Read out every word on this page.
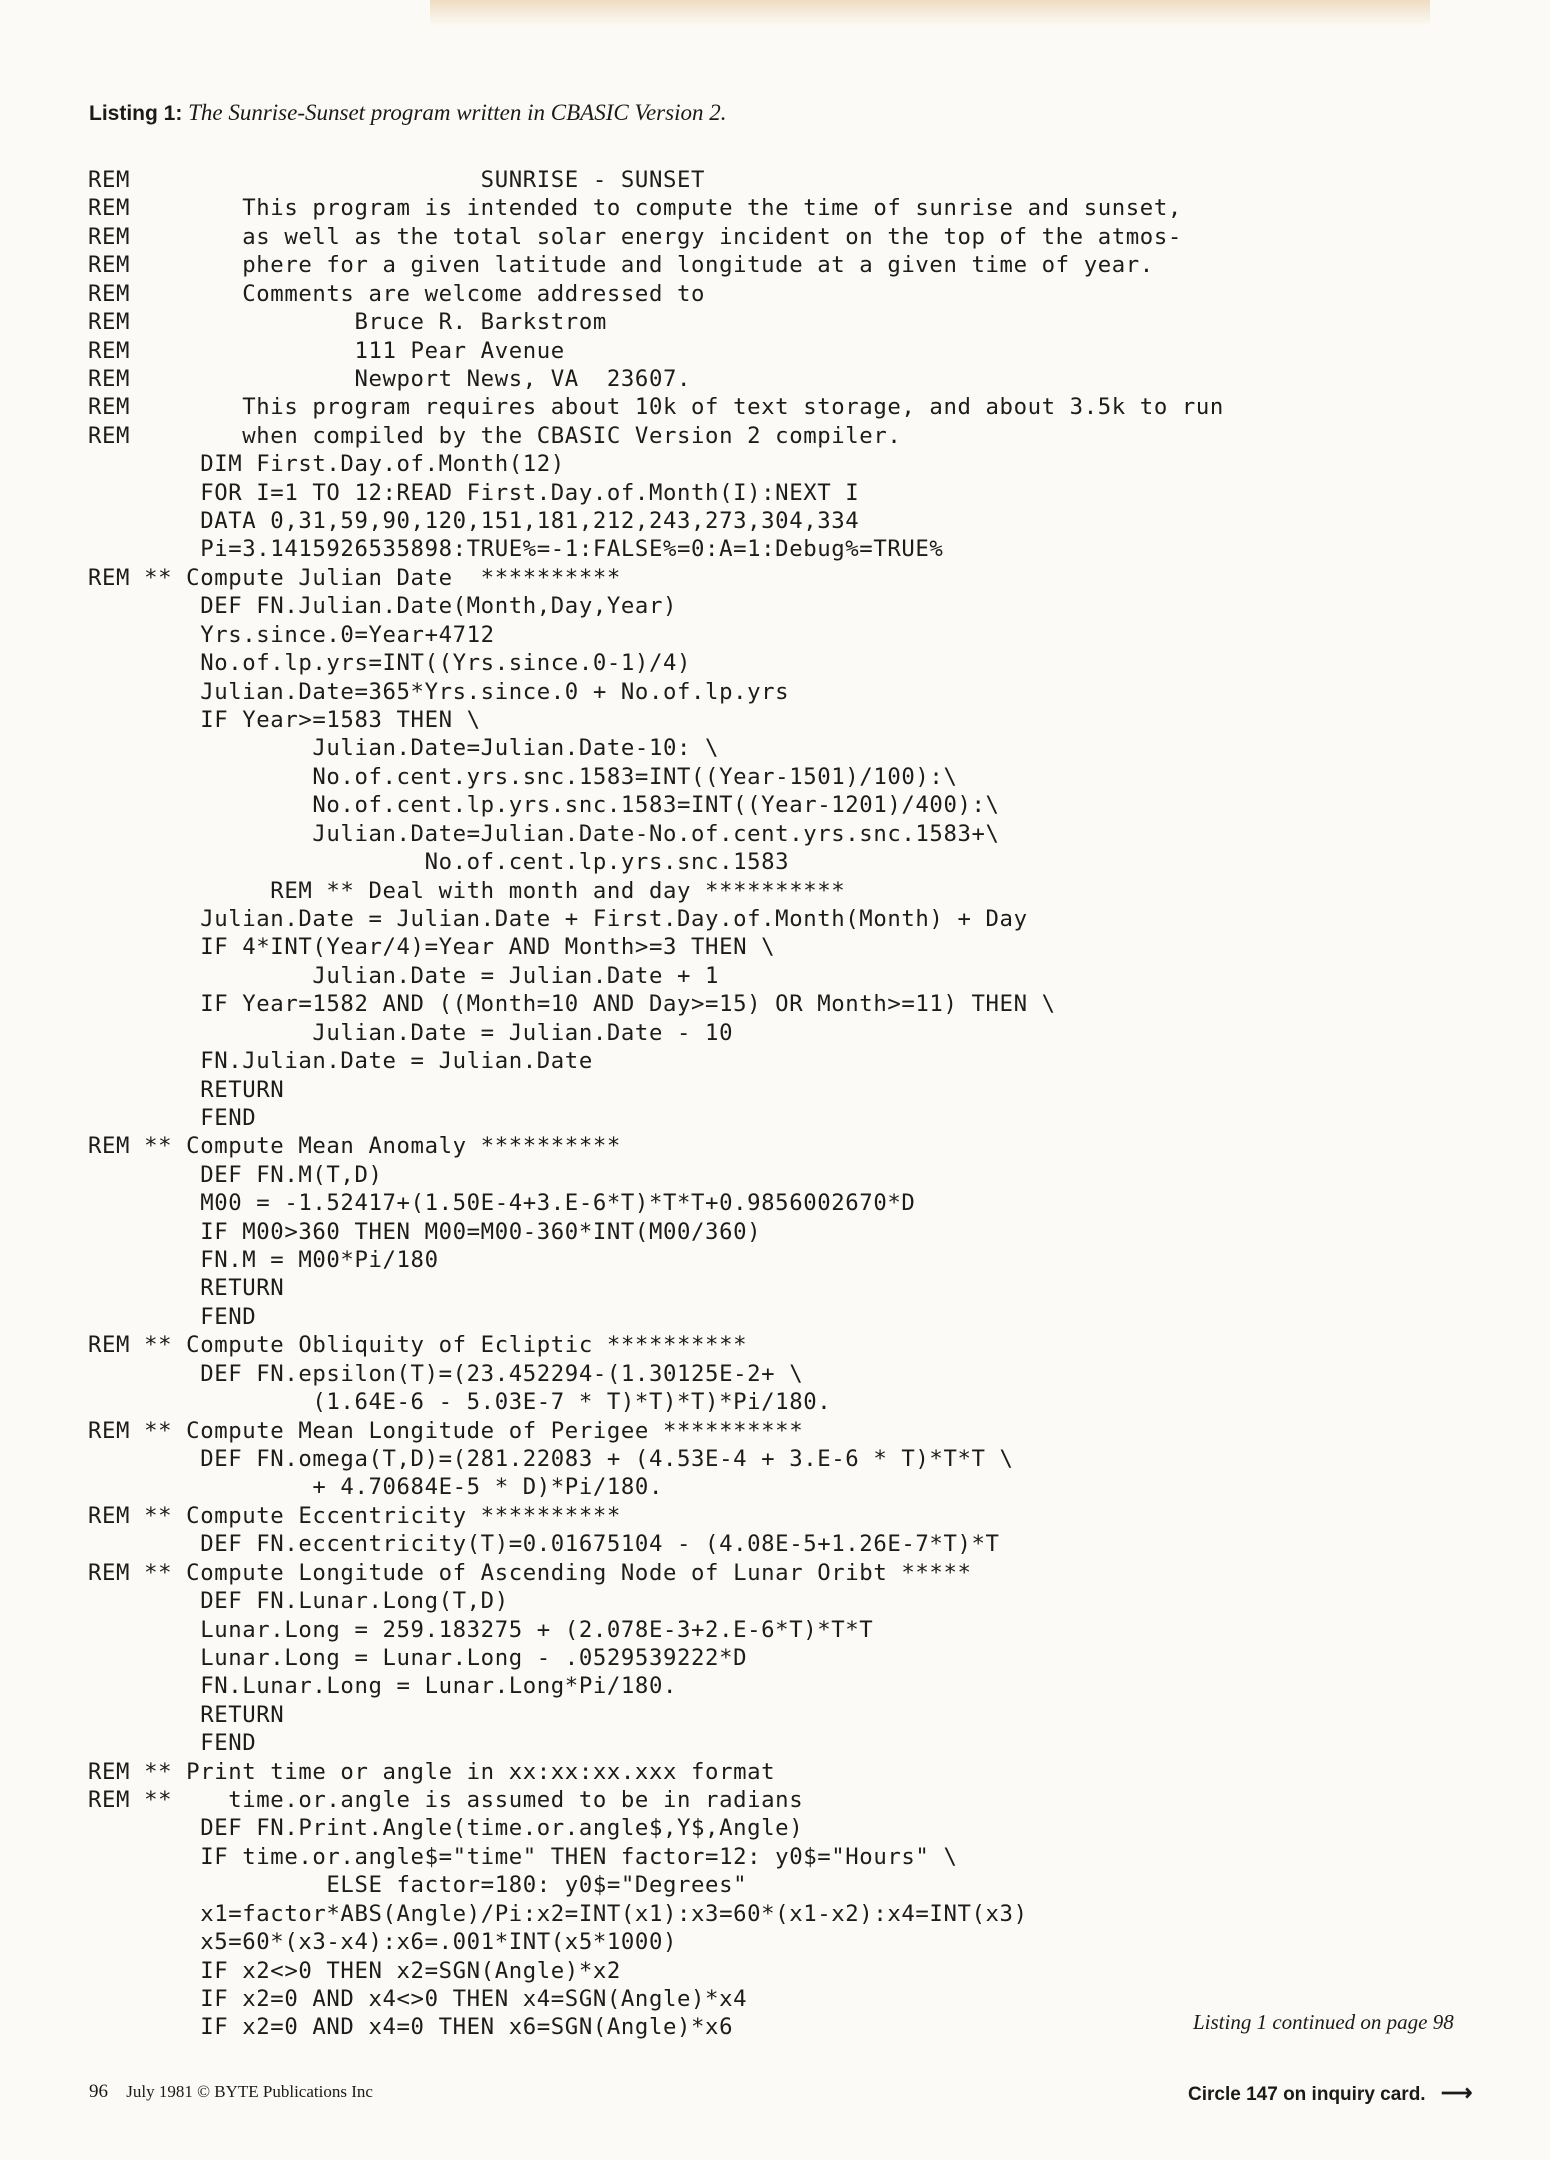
Listing 1: The Sunrise-Sunset program written in CBASIC Version 2.
REM                         SUNRISE - SUNSET
REM        This program is intended to compute the time of sunrise and sunset,
REM        as well as the total solar energy incident on the top of the atmos-
REM        phere for a given latitude and longitude at a given time of year.
REM        Comments are welcome addressed to
REM                Bruce R. Barkstrom
REM                111 Pear Avenue
REM                Newport News, VA  23607.
REM        This program requires about 10k of text storage, and about 3.5k to run
REM        when compiled by the CBASIC Version 2 compiler.
DIM First.Day.of.Month(12)
FOR I=1 TO 12:READ First.Day.of.Month(I):NEXT I
DATA 0,31,59,90,120,151,181,212,243,273,304,334
Pi=3.1415926535898:TRUE%=-1:FALSE%=0:A=1:Debug%=TRUE%
REM ** Compute Julian Date  **********
DEF FN.Julian.Date(Month,Day,Year)
Yrs.since.0=Year+4712
No.of.lp.yrs=INT((Yrs.since.0-1)/4)
Julian.Date=365*Yrs.since.0 + No.of.lp.yrs
IF Year>=1583 THEN \
Julian.Date=Julian.Date-10: \
No.of.cent.yrs.snc.1583=INT((Year-1501)/100):\
No.of.cent.lp.yrs.snc.1583=INT((Year-1201)/400):\
Julian.Date=Julian.Date-No.of.cent.yrs.snc.1583+\
No.of.cent.lp.yrs.snc.1583
REM ** Deal with month and day **********
Julian.Date = Julian.Date + First.Day.of.Month(Month) + Day
IF 4*INT(Year/4)=Year AND Month>=3 THEN \
Julian.Date = Julian.Date + 1
IF Year=1582 AND ((Month=10 AND Day>=15) OR Month>=11) THEN \
Julian.Date = Julian.Date - 10
FN.Julian.Date = Julian.Date
RETURN
FEND
REM ** Compute Mean Anomaly **********
DEF FN.M(T,D)
M00 = -1.52417+(1.50E-4+3.E-6*T)*T*T+0.9856002670*D
IF M00>360 THEN M00=M00-360*INT(M00/360)
FN.M = M00*Pi/180
RETURN
FEND
REM ** Compute Obliquity of Ecliptic **********
DEF FN.epsilon(T)=(23.452294-(1.30125E-2+ \
(1.64E-6 - 5.03E-7 * T)*T)*T)*Pi/180.
REM ** Compute Mean Longitude of Perigee **********
DEF FN.omega(T,D)=(281.22083 + (4.53E-4 + 3.E-6 * T)*T*T \
+ 4.70684E-5 * D)*Pi/180.
REM ** Compute Eccentricity **********
DEF FN.eccentricity(T)=0.01675104 - (4.08E-5+1.26E-7*T)*T
REM ** Compute Longitude of Ascending Node of Lunar Oribt *****
DEF FN.Lunar.Long(T,D)
Lunar.Long = 259.183275 + (2.078E-3+2.E-6*T)*T*T
Lunar.Long = Lunar.Long - .0529539222*D
FN.Lunar.Long = Lunar.Long*Pi/180.
RETURN
FEND
REM ** Print time or angle in xx:xx:xx.xxx format
REM **    time.or.angle is assumed to be in radians
DEF FN.Print.Angle(time.or.angle$,Y$,Angle)
IF time.or.angle$="time" THEN factor=12: y0$="Hours" \
ELSE factor=180: y0$="Degrees"
x1=factor*ABS(Angle)/Pi:x2=INT(x1):x3=60*(x1-x2):x4=INT(x3)
x5=60*(x3-x4):x6=.001*INT(x5*1000)
IF x2<>0 THEN x2=SGN(Angle)*x2
IF x2=0 AND x4<>0 THEN x4=SGN(Angle)*x4
IF x2=0 AND x4=0 THEN x6=SGN(Angle)*x6	Listing 1 continued on page 98
96 July 1981 © BYTE Publications Inc	Circle 147 on inquiry card. ⟶
